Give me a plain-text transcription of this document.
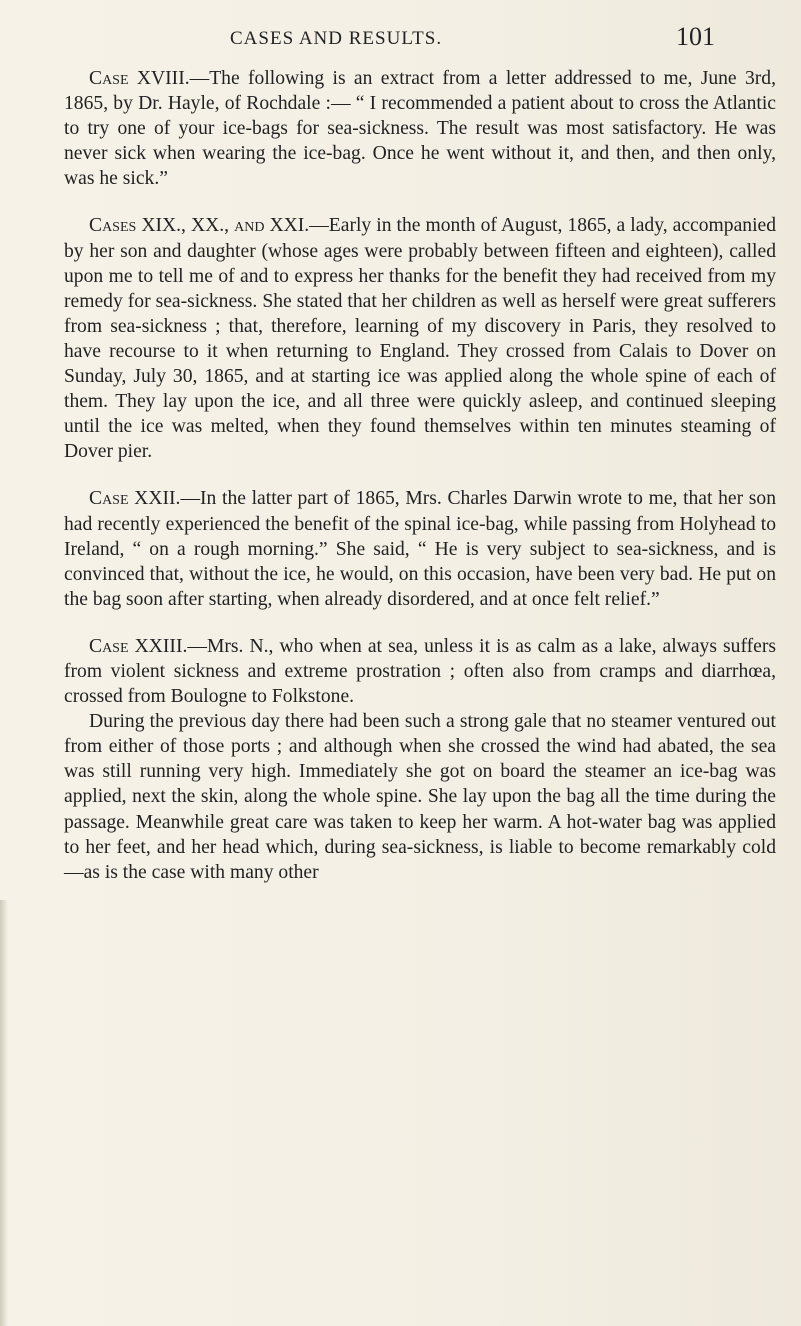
CASES AND RESULTS.	101

Case XVIII.—The following is an extract from a letter addressed to me, June 3rd, 1865, by Dr. Hayle, of Rochdale :— “ I recommended a patient about to cross the Atlantic to try one of your ice-bags for sea-sickness. The result was most satisfactory. He was never sick when wearing the ice-bag. Once he went without it, and then, and then only, was he sick.”

Cases XIX., XX., and XXI.—Early in the month of August, 1865, a lady, accompanied by her son and daughter (whose ages were probably between fifteen and eighteen), called upon me to tell me of and to express her thanks for the benefit they had received from my remedy for sea-sickness. She stated that her children as well as herself were great sufferers from sea-sickness ; that, therefore, learning of my discovery in Paris, they resolved to have recourse to it when returning to England. They crossed from Calais to Dover on Sunday, July 30, 1865, and at starting ice was applied along the whole spine of each of them. They lay upon the ice, and all three were quickly asleep, and continued sleeping until the ice was melted, when they found themselves within ten minutes steaming of Dover pier.

Case XXII.—In the latter part of 1865, Mrs. Charles Darwin wrote to me, that her son had recently experienced the benefit of the spinal ice-bag, while passing from Holyhead to Ireland, “ on a rough morning.” She said, “ He is very subject to sea-sickness, and is convinced that, without the ice, he would, on this occasion, have been very bad. He put on the bag soon after starting, when already disordered, and at once felt relief.”

Case XXIII.—Mrs. N., who when at sea, unless it is as calm as a lake, always suffers from violent sickness and extreme prostration ; often also from cramps and diarrhœa, crossed from Boulogne to Folkstone.

During the previous day there had been such a strong gale that no steamer ventured out from either of those ports ; and although when she crossed the wind had abated, the sea was still running very high. Immediately she got on board the steamer an ice-bag was applied, next the skin, along the whole spine. She lay upon the bag all the time during the passage. Meanwhile great care was taken to keep her warm. A hot-water bag was applied to her feet, and her head which, during sea-sickness, is liable to become remarkably cold—as is the case with many other
